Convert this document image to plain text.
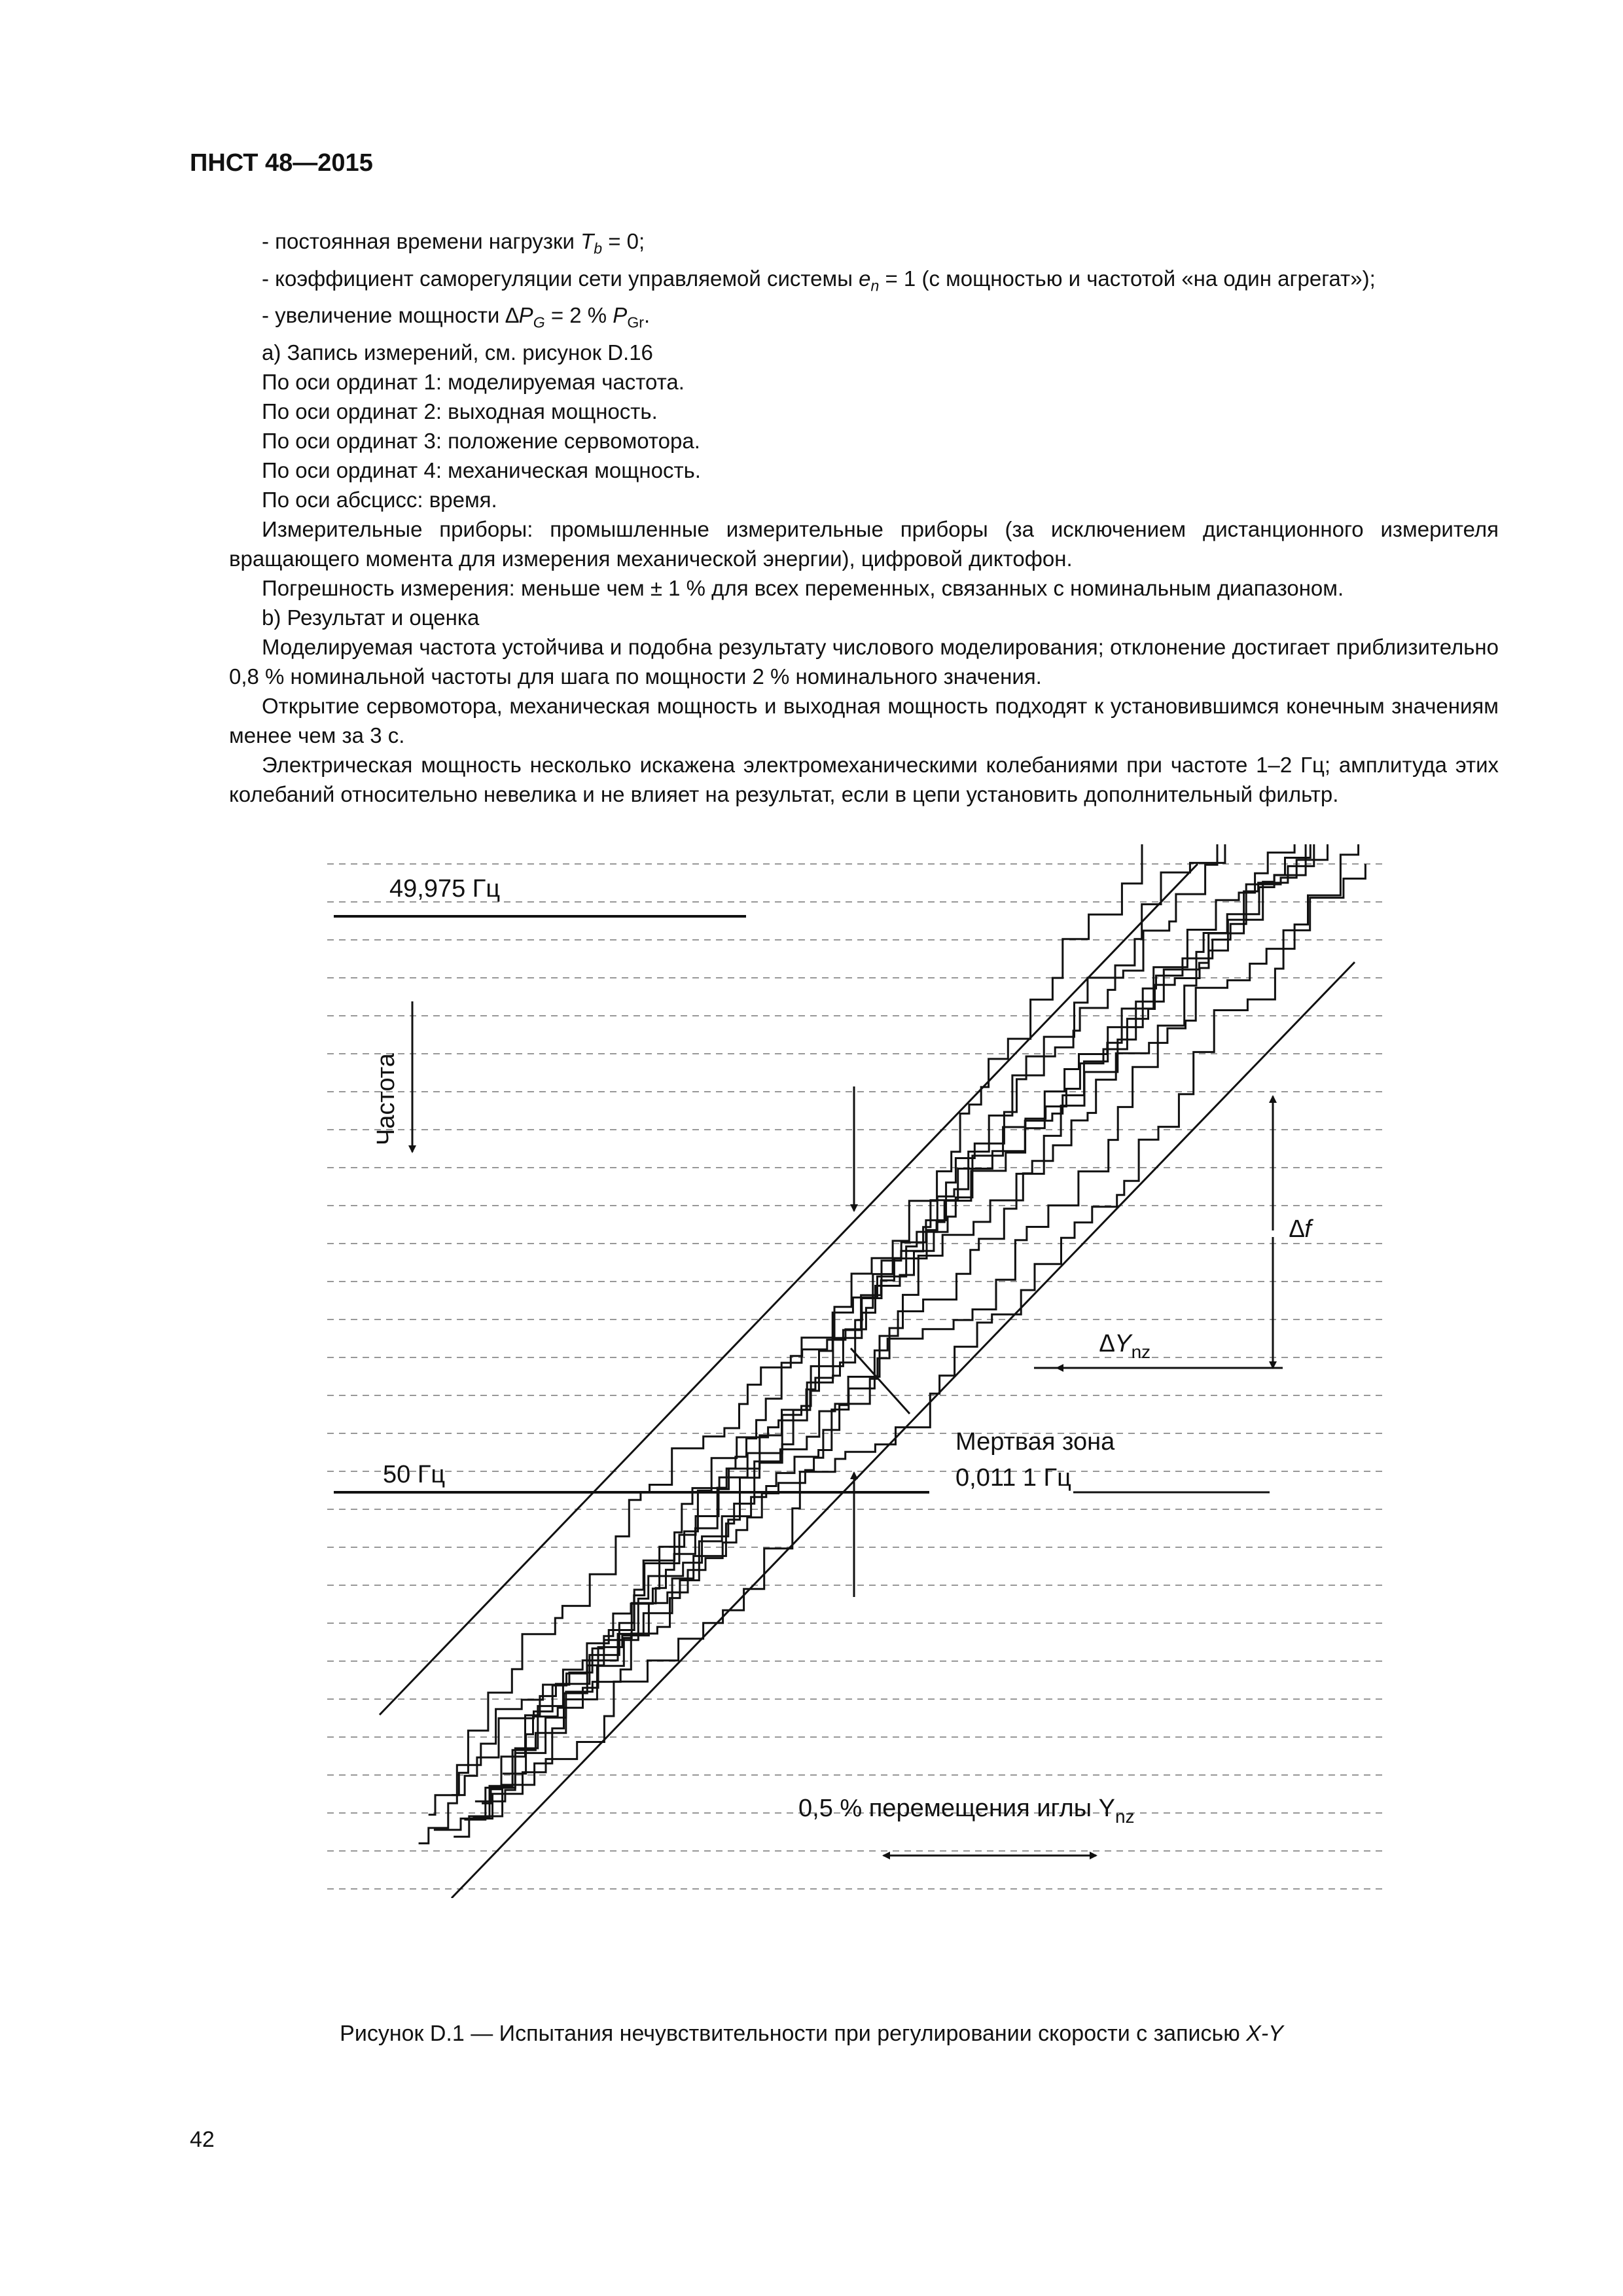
ПНСТ 48—2015

- постоянная времени нагрузки $T_b = 0$;

- коэффициент саморегуляции сети управляемой системы $e_n = 1$ (с мощностью и частотой «на один агрегат»);

- увеличение мощности $\Delta P_G = 2$ % $P_{Gr}$.

a) Запись измерений, см. рисунок D.16

По оси ординат 1: моделируемая частота.

По оси ординат 2: выходная мощность.

По оси ординат 3: положение сервомотора.

По оси ординат 4: механическая мощность.

По оси абсцисс: время.

Измерительные приборы: промышленные измерительные приборы (за исключением дистанционного измерителя вращающего момента для измерения механической энергии), цифровой диктофон.

Погрешность измерения: меньше чем ± 1 % для всех переменных, связанных с номинальным диапазоном.

b) Результат и оценка

Моделируемая частота устойчива и подобна результату числового моделирования; отклонение достигает приблизительно 0,8 % номинальной частоты для шага по мощности 2 % номинального значения.

Открытие сервомотора, механическая мощность и выходная мощность подходят к установившимся конечным значениям менее чем за 3 с.

Электрическая мощность несколько искажена электромеханическими колебаниями при частоте 1–2 Гц; амплитуда этих колебаний относительно невелика и не влияет на результат, если в цепи установить дополнительный фильтр.

49,975 Гц
50 Гц
Частота
∆f
$\Delta Y_{nz}$
Мертвая зона
0,011 1 Гц
0,5 % перемещения иглы $Y_{nz}$
Рисунок D.1 — Испытания нечувствительности при регулировании скорости с записью X-Y
42
